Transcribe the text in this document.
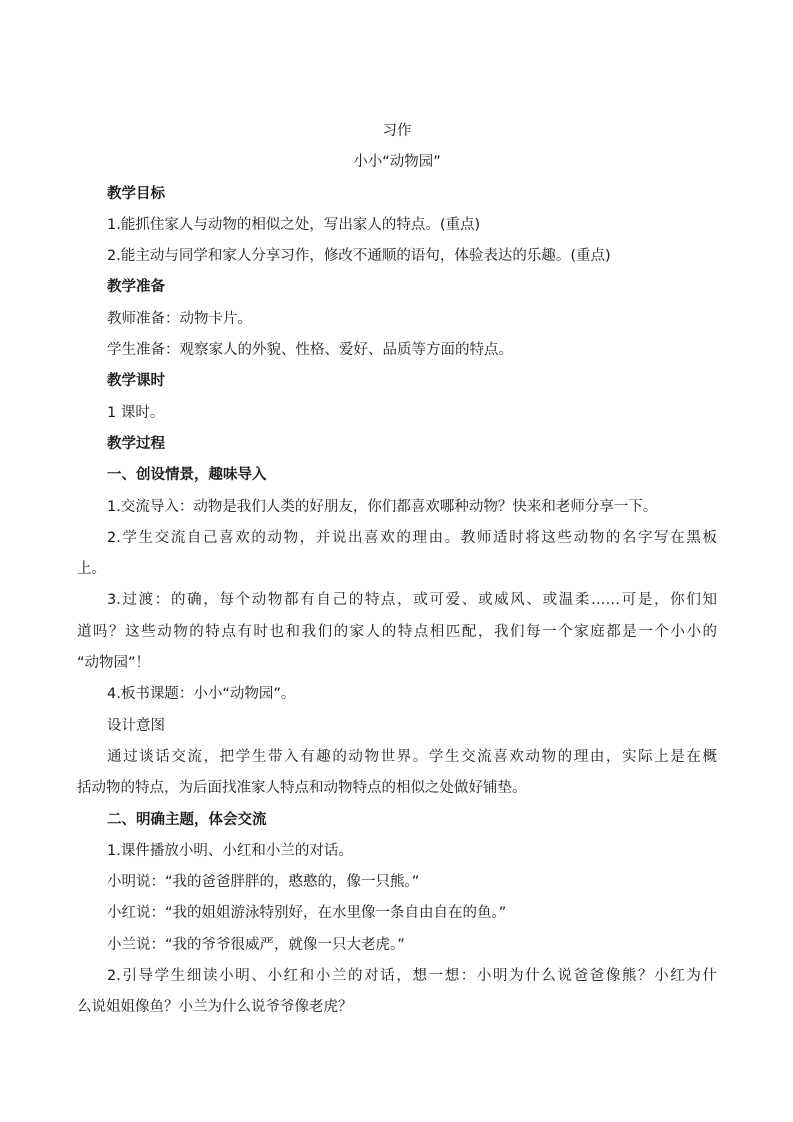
习作
小小“动物园”
教学目标
1.能抓住家人与动物的相似之处，写出家人的特点。(重点)
2.能主动与同学和家人分享习作，修改不通顺的语句，体验表达的乐趣。(重点)
教学准备
教师准备：动物卡片。
学生准备：观察家人的外貌、性格、爱好、品质等方面的特点。
教学课时
1 课时。
教学过程
一、创设情景，趣味导入
1.交流导入：动物是我们人类的好朋友，你们都喜欢哪种动物？快来和老师分享一下。
2.学生交流自己喜欢的动物，并说出喜欢的理由。教师适时将这些动物的名字写在黑板
上。
3.过渡：的确，每个动物都有自己的特点，或可爱、或威风、或温柔……可是，你们知
道吗？这些动物的特点有时也和我们的家人的特点相匹配，我们每一个家庭都是一个小小的
“动物园”！
4.板书课题：小小“动物园”。
设计意图
通过谈话交流，把学生带入有趣的动物世界。学生交流喜欢动物的理由，实际上是在概
括动物的特点，为后面找准家人特点和动物特点的相似之处做好铺垫。
二、明确主题，体会交流
1.课件播放小明、小红和小兰的对话。
小明说：“我的爸爸胖胖的，憨憨的，像一只熊。”
小红说：“我的姐姐游泳特别好，在水里像一条自由自在的鱼。”
小兰说：“我的爷爷很威严，就像一只大老虎。”
2.引导学生细读小明、小红和小兰的对话，想一想：小明为什么说爸爸像熊？小红为什
么说姐姐像鱼？小兰为什么说爷爷像老虎？
